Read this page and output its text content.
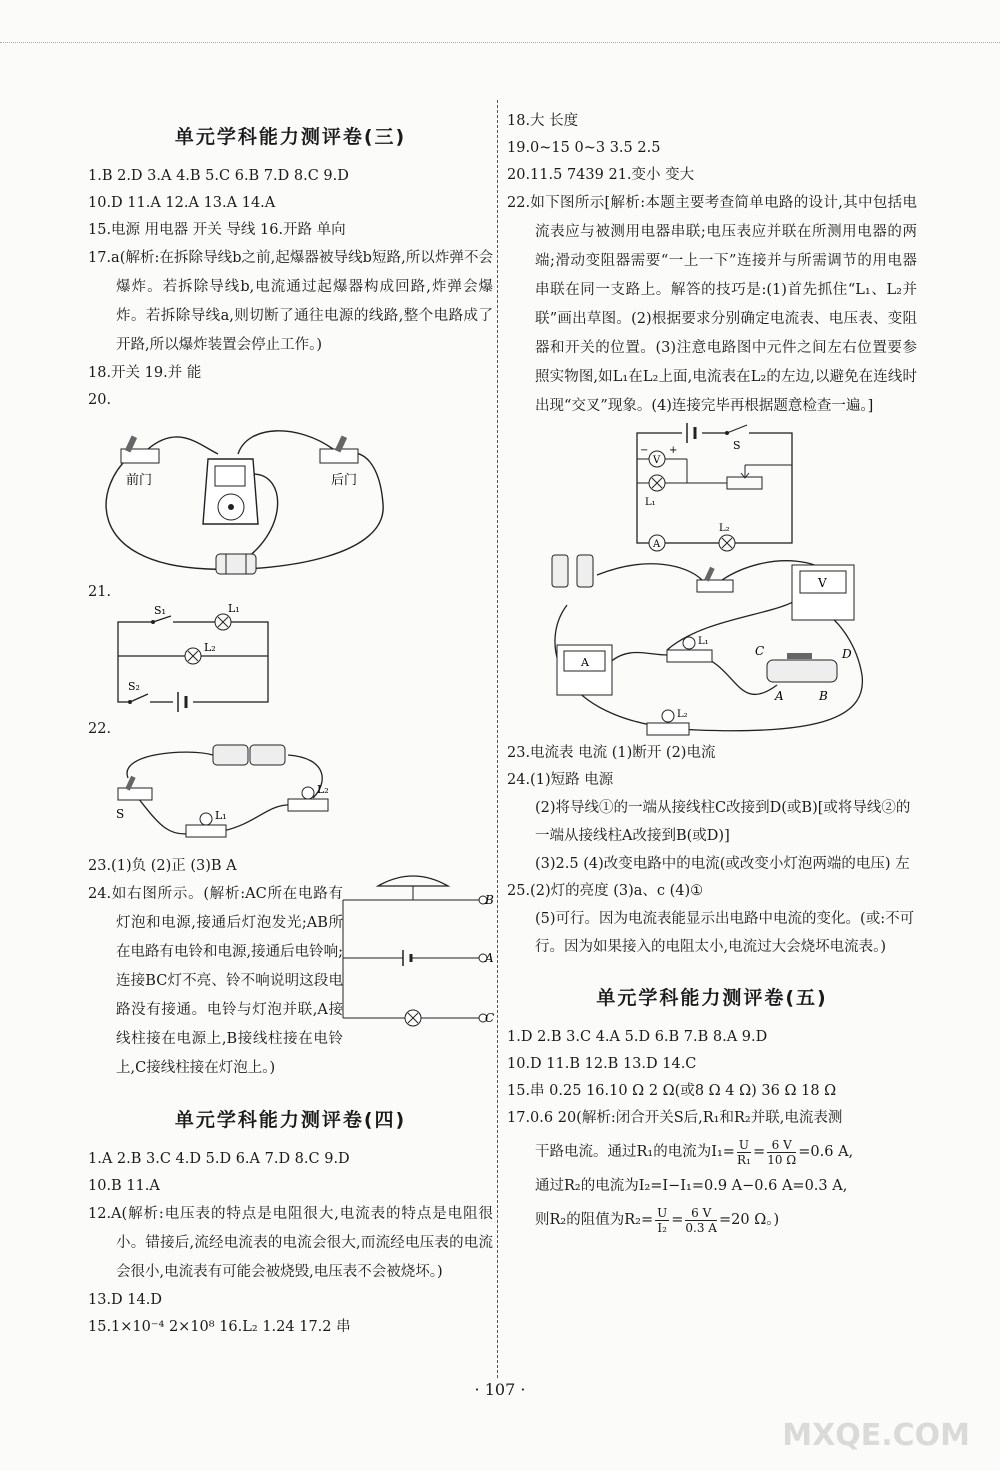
单元学科能力测评卷(三)
1.B 2.D 3.A 4.B 5.C 6.B 7.D 8.C 9.D
10.D 11.A 12.A 13.A 14.A
15.电源 用电器 开关 导线 16.开路 单向
17.a(解析:在拆除导线b之前,起爆器被导线b短路,所以炸弹不会爆炸。若拆除导线b,电流通过起爆器构成回路,炸弹会爆炸。若拆除导线a,则切断了通往电源的线路,整个电路成了开路,所以爆炸装置会停止工作。)
18.开关 19.并 能
20.
前门	后门
21.
S₁	L₁
L₂
S₂
22.
S	L₁
L₂
23.(1)负 (2)正 (3)B A
24.如右图所示。(解析:AC所在电路有灯泡和电源,接通后灯泡发光;AB所在电路有电铃和电源,接通后电铃响;连接BC灯不亮、铃不响说明这段电路没有接通。电铃与灯泡并联,A接线柱接在电源上,B接线柱接在电铃上,C接线柱接在灯泡上。)
B
A
C
单元学科能力测评卷(四)
1.A 2.B 3.C 4.D 5.D 6.A 7.D 8.C 9.D
10.B 11.A
12.A(解析:电压表的特点是电阻很大,电流表的特点是电阻很小。错接后,流经电流表的电流会很大,而流经电压表的电流会很小,电流表有可能会被烧毁,电压表不会被烧坏。)
13.D 14.D
15.1×10⁻⁴ 2×10⁸ 16.L₂ 1.24 17.2 串
18.大 长度
19.0~15 0~3 3.5 2.5
20.11.5 7439 21.变小 变大
22.如下图所示[解析:本题主要考查简单电路的设计,其中包括电流表应与被测用电器串联;电压表应并联在所测用电器的两端;滑动变阻器需要“一上一下”连接并与所需调节的用电器串联在同一支路上。解答的技巧是:(1)首先抓住“L₁、L₂并联”画出草图。(2)根据要求分别确定电流表、电压表、变阻器和开关的位置。(3)注意电路图中元件之间左右位置要参照实物图,如L₁在L₂上面,电流表在L₂的左边,以避免在连线时出现“交叉”现象。(4)连接完毕再根据题意检查一遍。]
S
V
− +
L₁
A
L₂
V
A
L₁
C	D
A	B
L₂
23.电流表 电流 (1)断开 (2)电流
24.(1)短路 电源
(2)将导线①的一端从接线柱C改接到D(或B)[或将导线②的一端从接线柱A改接到B(或D)]
(3)2.5 (4)改变电路中的电流(或改变小灯泡两端的电压) 左
25.(2)灯的亮度 (3)a、c (4)①
(5)可行。因为电流表能显示出电路中电流的变化。(或:不可行。因为如果接入的电阻太小,电流过大会烧坏电流表。)
单元学科能力测评卷(五)
1.D 2.B 3.C 4.A 5.D 6.B 7.B 8.A 9.D
10.D 11.B 12.B 13.D 14.C
15.串 0.25 16.10 Ω 2 Ω(或8 Ω 4 Ω) 36 Ω 18 Ω
17.0.6 20(解析:闭合开关S后,R₁和R₂并联,电流表测
干路电流。通过R₁的电流为$I_1= \frac{U}{\text{R₁}} = \frac{6 V}{10 \Omega} =0.6$ A,
通过R₂的电流为I₂=I−I₁=0.9 A−0.6 A=0.3 A,
则R₂的阻值为$R_2= \frac{U}{\text{I₂}} = \frac{6 V}{0.3 A} =20$ Ω。)
· 107 ·
MXQE.COM
